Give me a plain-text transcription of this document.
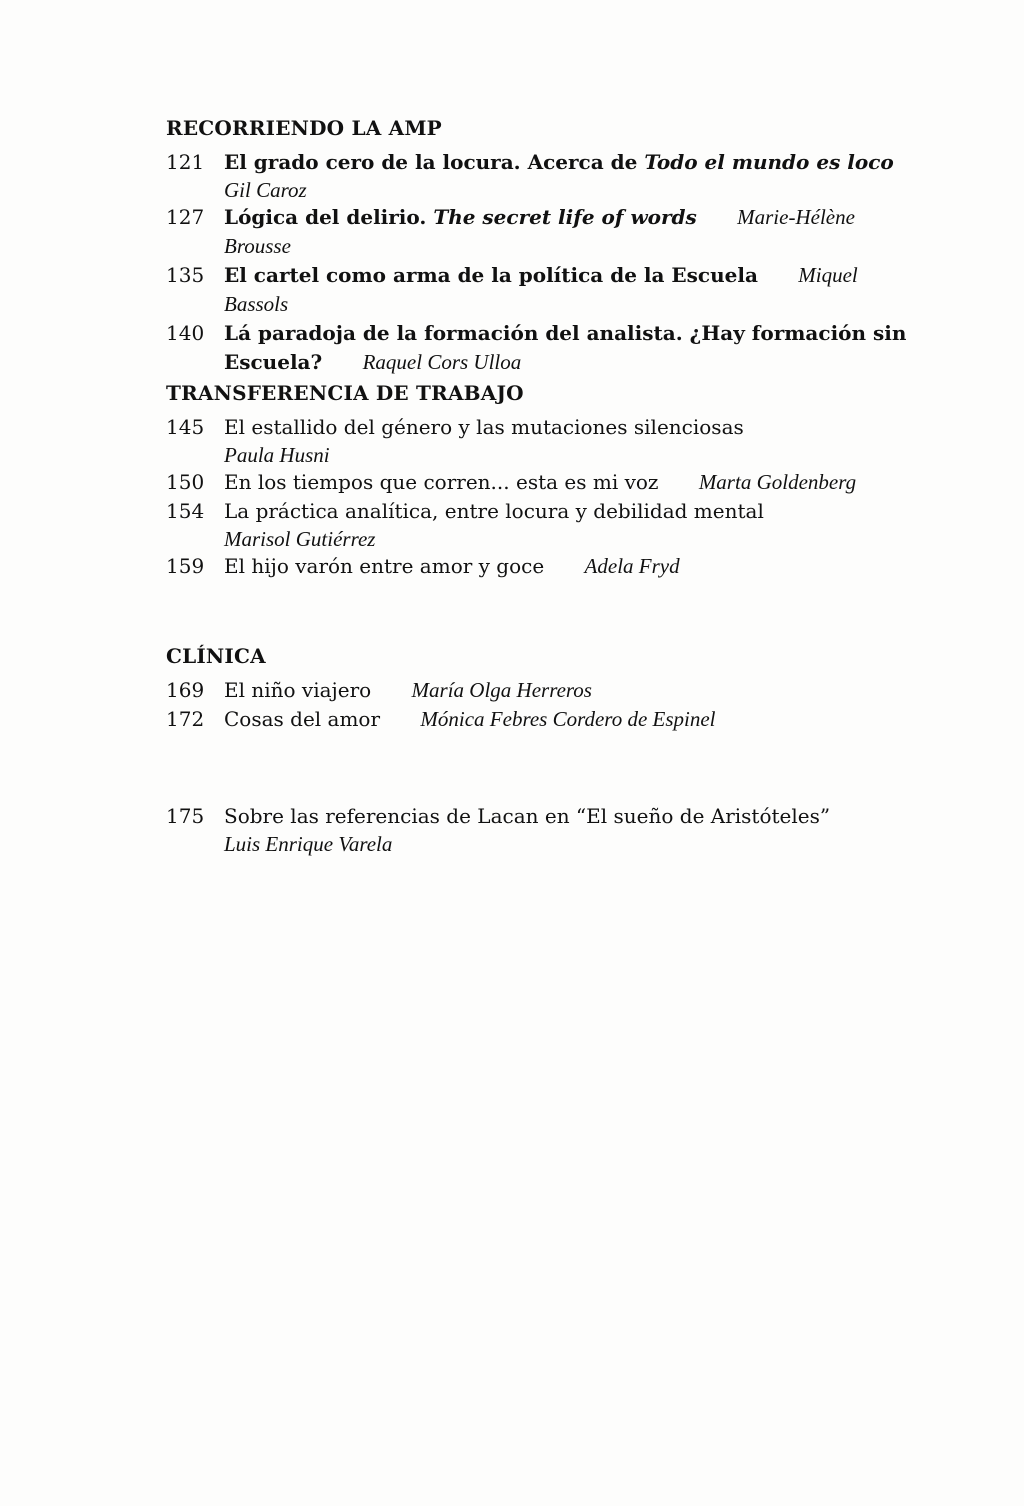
RECORRIENDO LA AMP
121 El grado cero de la locura. Acerca de Todo el mundo es loco
Gil Caroz
127 Lógica del delirio. The secret life of words Marie-Hélène Brousse
135 El cartel como arma de la política de la Escuela Miquel Bassols
140 Lá paradoja de la formación del analista. ¿Hay formación sin Escuela? Raquel Cors Ulloa
TRANSFERENCIA DE TRABAJO
145 El estallido del género y las mutaciones silenciosas
Paula Husni
150 En los tiempos que corren... esta es mi voz Marta Goldenberg
154 La práctica analítica, entre locura y debilidad mental
Marisol Gutiérrez
159 El hijo varón entre amor y goce Adela Fryd
CLÍNICA
169 El niño viajero María Olga Herreros
172 Cosas del amor Mónica Febres Cordero de Espinel
175 Sobre las referencias de Lacan en “El sueño de Aristóteles”
Luis Enrique Varela
